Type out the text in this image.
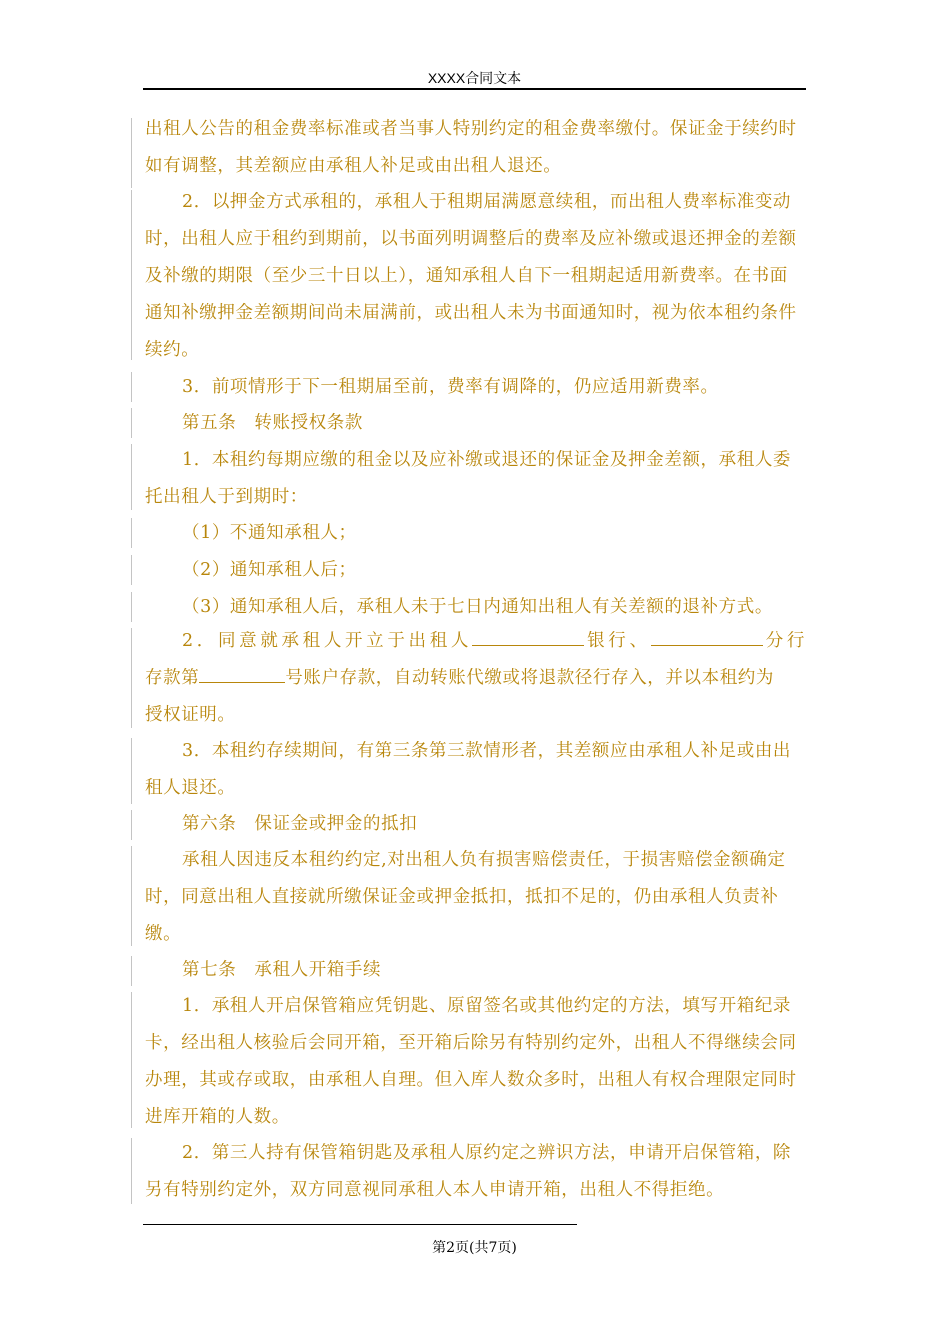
XXXX合同文本

出租人公告的租金费率标准或者当事人特别约定的租金费率缴付。保证金于续约时如有调整，其差额应由承租人补足或由出租人退还。

2．以押金方式承租的，承租人于租期届满愿意续租，而出租人费率标准变动时，出租人应于租约到期前，以书面列明调整后的费率及应补缴或退还押金的差额及补缴的期限（至少三十日以上），通知承租人自下一租期起适用新费率。在书面通知补缴押金差额期间尚未届满前，或出租人未为书面通知时，视为依本租约条件续约。

3．前项情形于下一租期届至前，费率有调降的，仍应适用新费率。

第五条　转账授权条款

1．本租约每期应缴的租金以及应补缴或退还的保证金及押金差额，承租人委托出租人于到期时：

（1）不通知承租人；

（2）通知承租人后；

（3）通知承租人后，承租人未于七日内通知出租人有关差额的退补方式。

2．同意就承租人开立于出租人	银行、	分行

存款第	号账户存款，自动转账代缴或将退款径行存入，并以本租约为

授权证明。

3．本租约存续期间，有第三条第三款情形者，其差额应由承租人补足或由出租人退还。

第六条　保证金或押金的抵扣

承租人因违反本租约约定,对出租人负有损害赔偿责任，于损害赔偿金额确定时，同意出租人直接就所缴保证金或押金抵扣，抵扣不足的，仍由承租人负责补缴。

第七条　承租人开箱手续

1．承租人开启保管箱应凭钥匙、原留签名或其他约定的方法，填写开箱纪录卡，经出租人核验后会同开箱，至开箱后除另有特别约定外，出租人不得继续会同办理，其或存或取，由承租人自理。但入库人数众多时，出租人有权合理限定同时进库开箱的人数。

2．第三人持有保管箱钥匙及承租人原约定之辨识方法，申请开启保管箱，除另有特别约定外，双方同意视同承租人本人申请开箱，出租人不得拒绝。

第2页(共7页)
